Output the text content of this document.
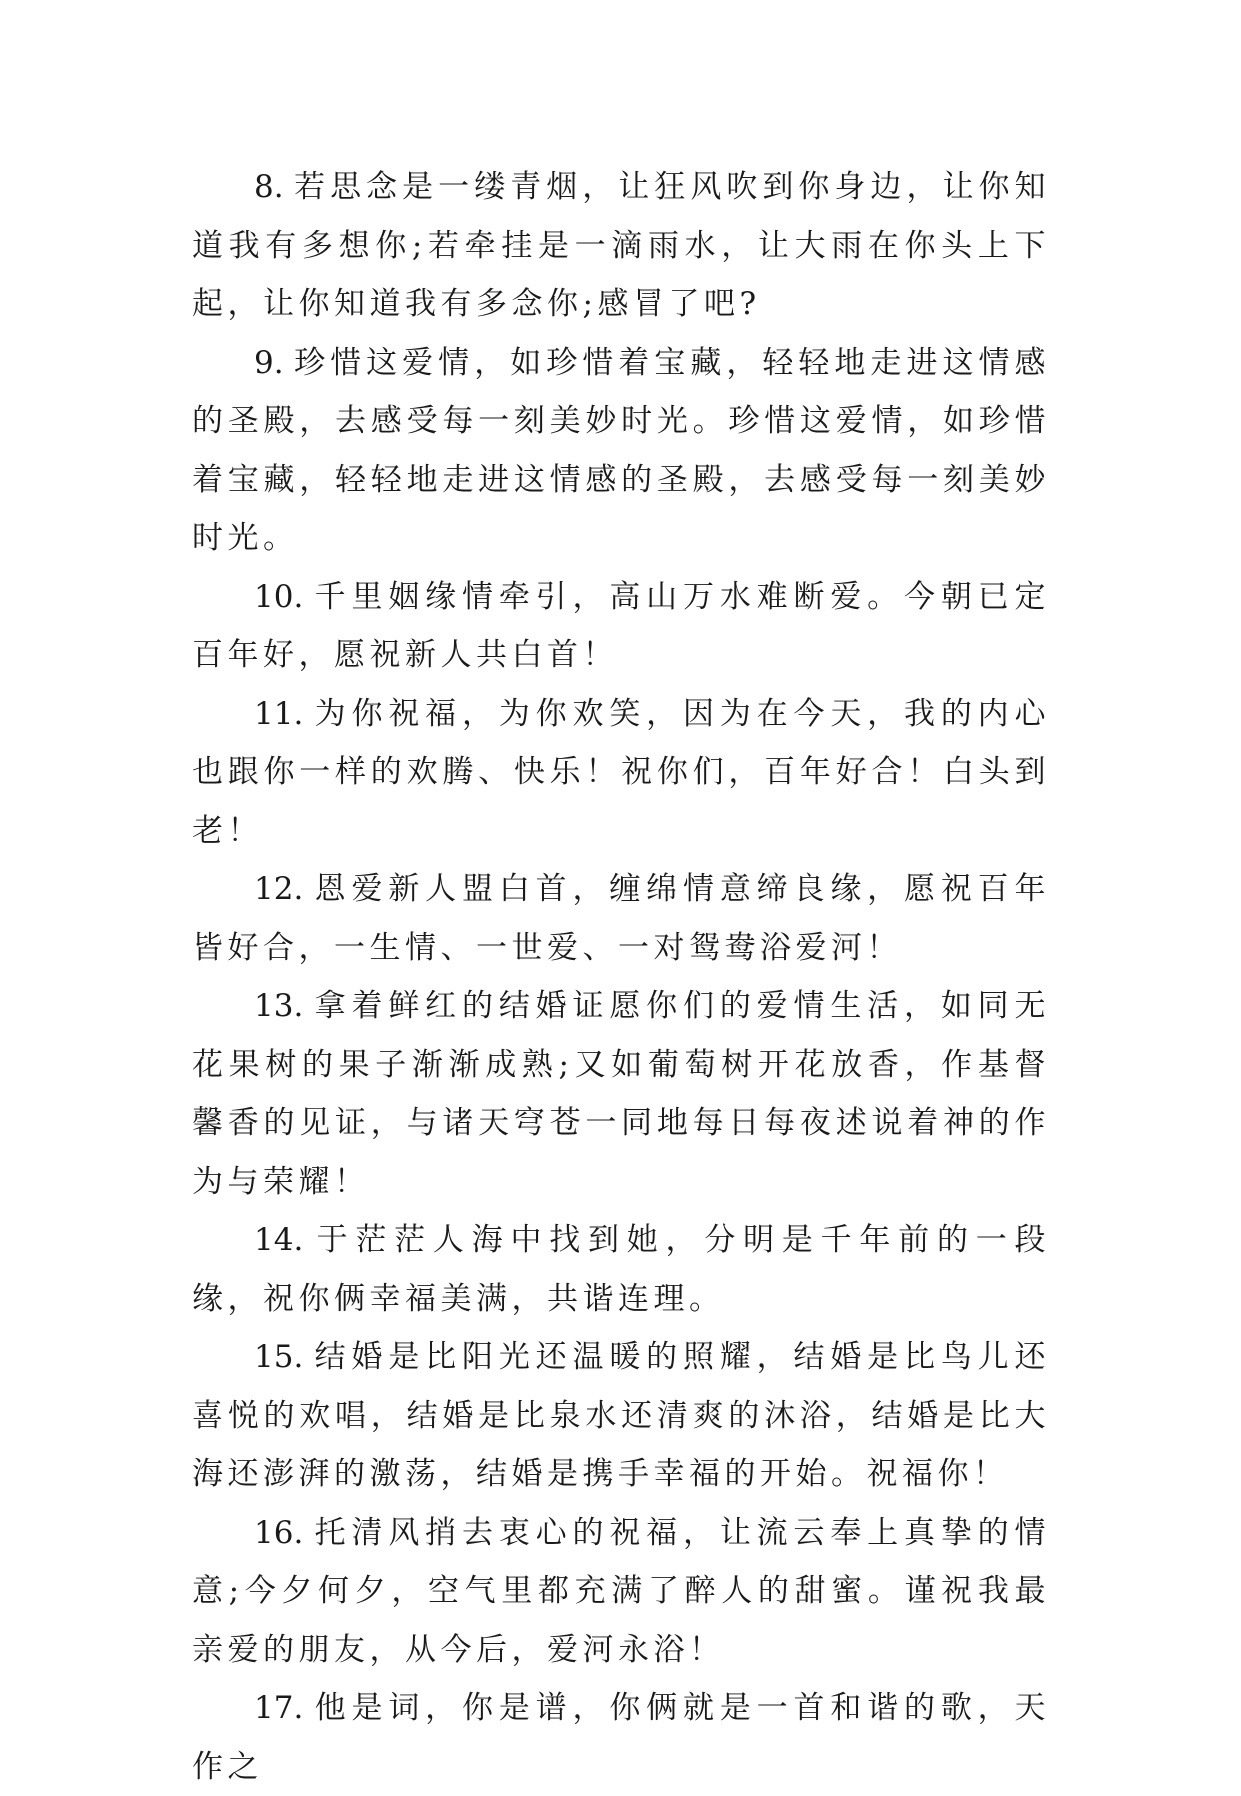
8. 若思念是一缕青烟，让狂风吹到你身边，让你知道我有多想你;若牵挂是一滴雨水，让大雨在你头上下起，让你知道我有多念你;感冒了吧?

9. 珍惜这爱情，如珍惜着宝藏，轻轻地走进这情感的圣殿，去感受每一刻美妙时光。珍惜这爱情，如珍惜着宝藏，轻轻地走进这情感的圣殿，去感受每一刻美妙时光。

10. 千里姻缘情牵引，高山万水难断爱。今朝已定百年好，愿祝新人共白首！

11. 为你祝福，为你欢笑，因为在今天，我的内心也跟你一样的欢腾、快乐！祝你们，百年好合！白头到老！

12. 恩爱新人盟白首，缠绵情意缔良缘，愿祝百年皆好合，一生情、一世爱、一对鸳鸯浴爱河！

13. 拿着鲜红的结婚证愿你们的爱情生活，如同无花果树的果子渐渐成熟;又如葡萄树开花放香，作基督馨香的见证，与诸天穹苍一同地每日每夜述说着神的作为与荣耀！

14. 于茫茫人海中找到她，分明是千年前的一段缘，祝你俩幸福美满，共谐连理。

15. 结婚是比阳光还温暖的照耀，结婚是比鸟儿还喜悦的欢唱，结婚是比泉水还清爽的沐浴，结婚是比大海还澎湃的激荡，结婚是携手幸福的开始。祝福你！

16. 托清风捎去衷心的祝福，让流云奉上真挚的情意;今夕何夕，空气里都充满了醉人的甜蜜。谨祝我最亲爱的朋友，从今后，爱河永浴！

17. 他是词，你是谱，你俩就是一首和谐的歌，天作之
